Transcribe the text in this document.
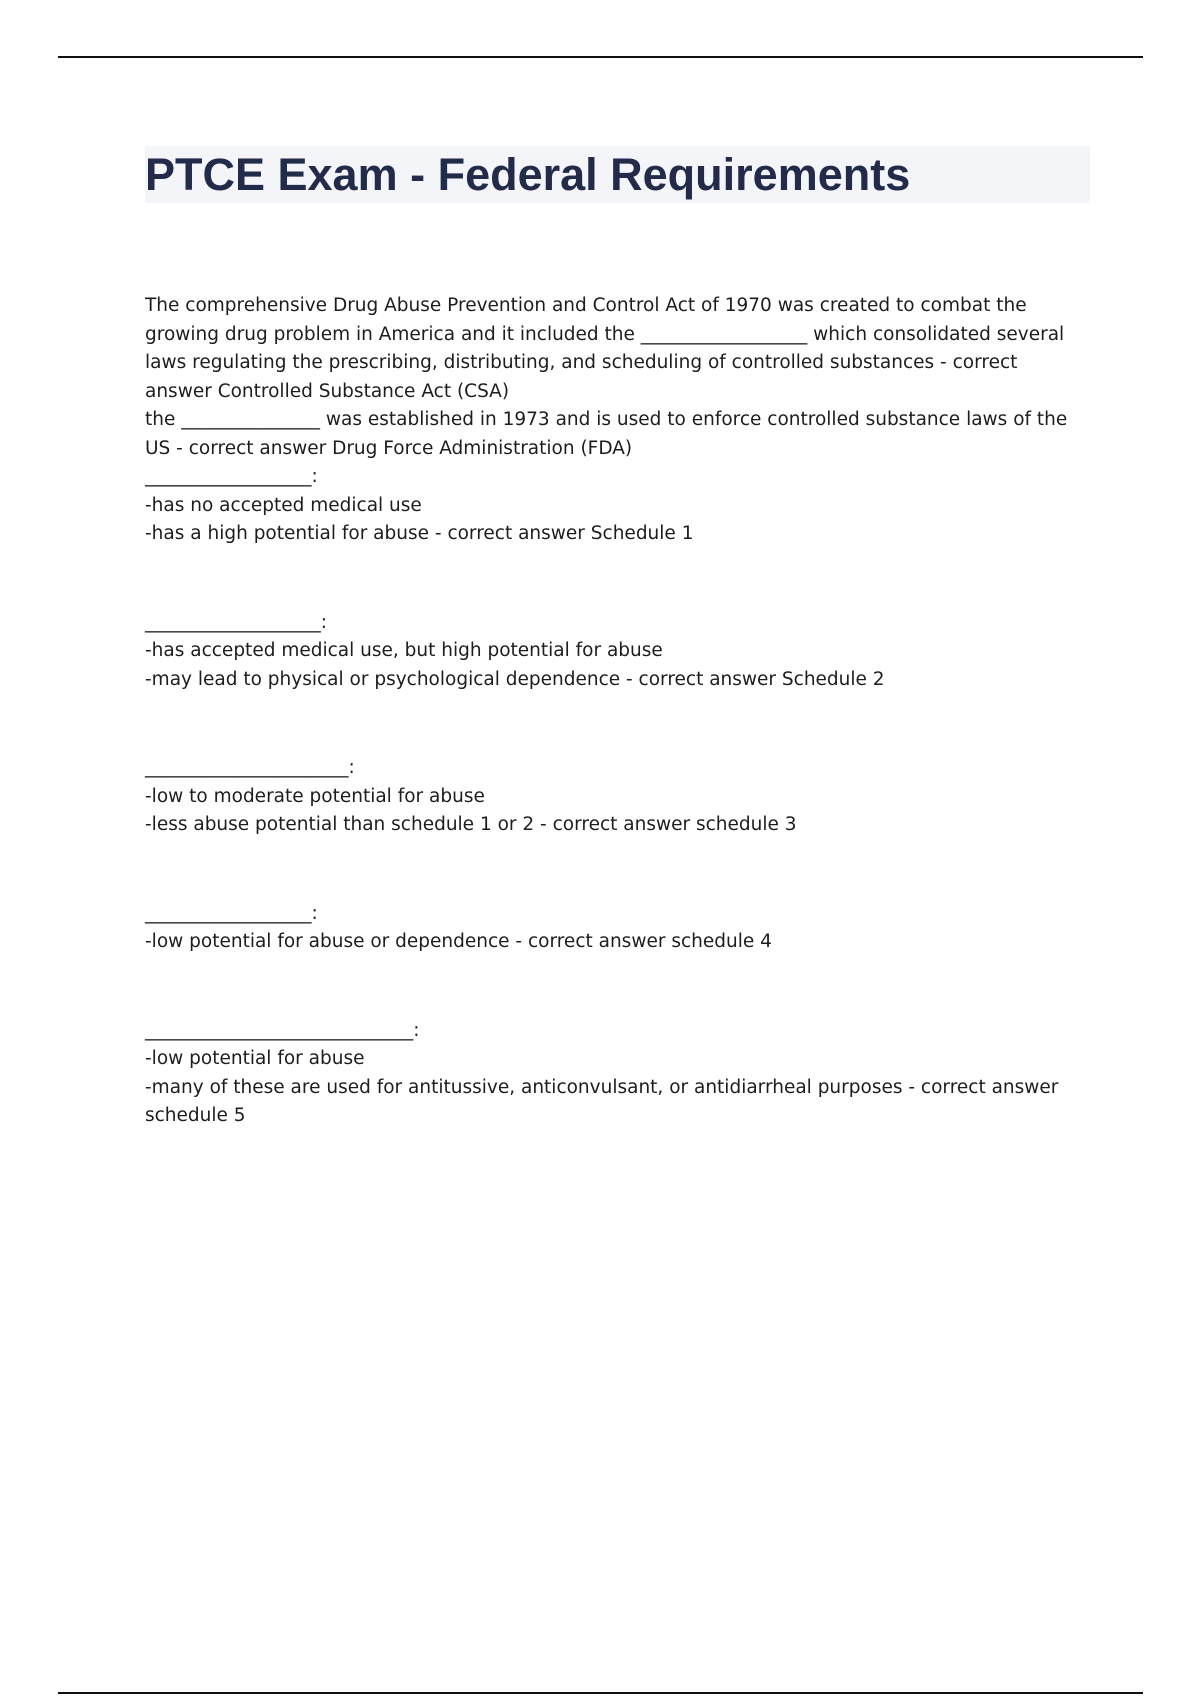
PTCE Exam - Federal Requirements

The comprehensive Drug Abuse Prevention and Control Act of 1970 was created to combat the growing drug problem in America and it included the __________________ which consolidated several laws regulating the prescribing, distributing, and scheduling of controlled substances - correct answer Controlled Substance Act (CSA)

the _______________ was established in 1973 and is used to enforce controlled substance laws of the US - correct answer Drug Force Administration (FDA)

__________________:

-has no accepted medical use

-has a high potential for abuse - correct answer Schedule 1

___________________:

-has accepted medical use, but high potential for abuse

-may lead to physical or psychological dependence - correct answer Schedule 2

______________________:

-low to moderate potential for abuse

-less abuse potential than schedule 1 or 2 - correct answer schedule 3

__________________:

-low potential for abuse or dependence - correct answer schedule 4

_____________________________:

-low potential for abuse

-many of these are used for antitussive, anticonvulsant, or antidiarrheal purposes - correct answer schedule 5
